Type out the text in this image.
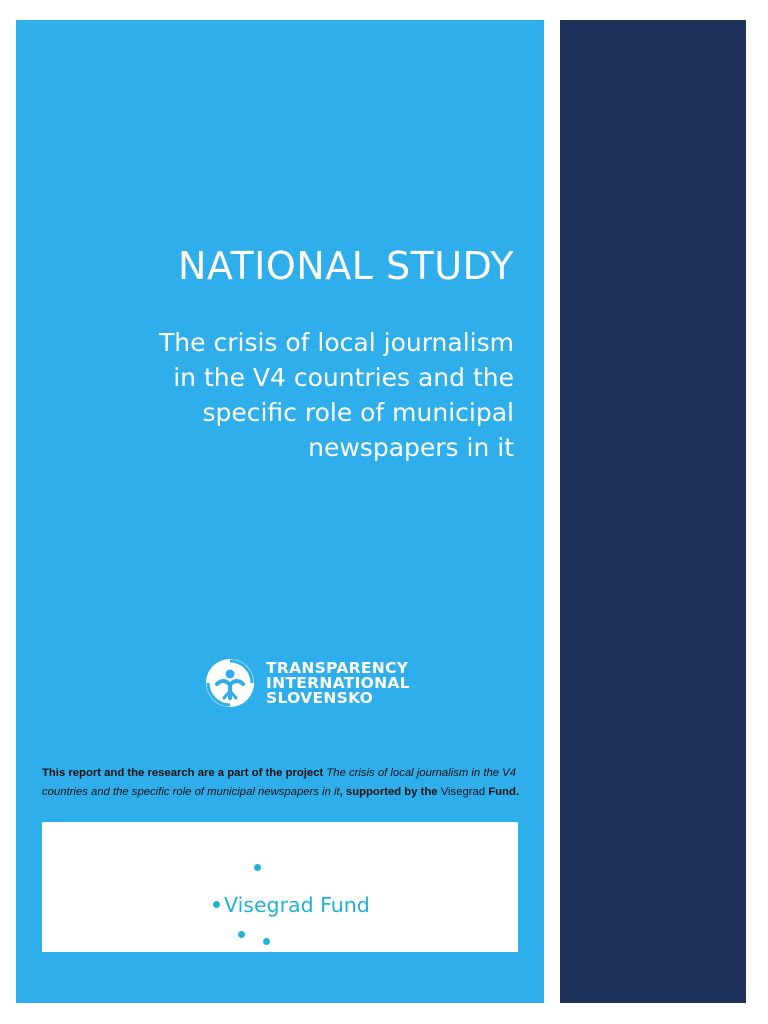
NATIONAL STUDY
The crisis of local journalism
in the V4 countries and the
specific role of municipal
newspapers in it
TRANSPARENCY
INTERNATIONAL
SLOVENSKO

This report and the research are a part of the project The crisis of local journalism in the V4 countries and the specific role of municipal newspapers in it, supported by the Visegrad Fund.

Visegrad Fund
